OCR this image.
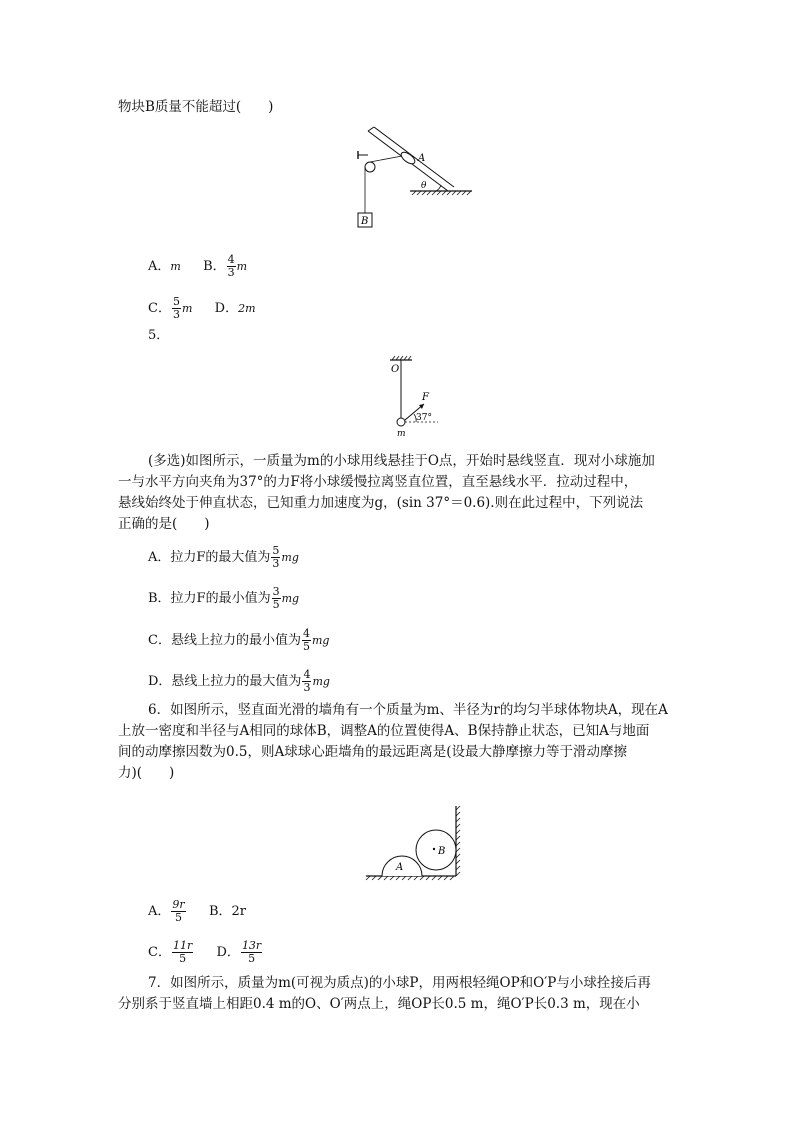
物块B质量不能超过(　　)
A
θ
B
A．m B． $\frac{4}{3}$ m
C． $\frac{5}{3}$ m D．2m
5．
O
F
37°
m
(多选)如图所示，一质量为m的小球用线悬挂于O点，开始时悬线竖直．现对小球施加
一与水平方向夹角为37°的力F将小球缓慢拉离竖直位置，直至悬线水平．拉动过程中，
悬线始终处于伸直状态，已知重力加速度为g，(sin 37°＝0.6).则在此过程中，下列说法
正确的是(　　)
A．拉力F的最大值为 $\frac{5}{3}$ mg
B．拉力F的最小值为 $\frac{3}{5}$ mg
C．悬线上拉力的最小值为 $\frac{4}{5}$ mg
D．悬线上拉力的最大值为 $\frac{4}{3}$ mg
6．如图所示，竖直面光滑的墙角有一个质量为m、半径为r的均匀半球体物块A，现在A
上放一密度和半径与A相同的球体B，调整A的位置使得A、B保持静止状态，已知A与地面
间的动摩擦因数为0.5，则A球球心距墙角的最远距离是(设最大静摩擦力等于滑动摩擦
力)(　　)
A
B
A． $\frac{9r}{5}$ B．2r
C． $\frac{11r}{5}$ D． $\frac{13r}{5}$
7．如图所示，质量为m(可视为质点)的小球P，用两根轻绳OP和O′P与小球拴接后再
分别系于竖直墙上相距0.4 m的O、O′两点上，绳OP长0.5 m，绳O′P长0.3 m，现在小
